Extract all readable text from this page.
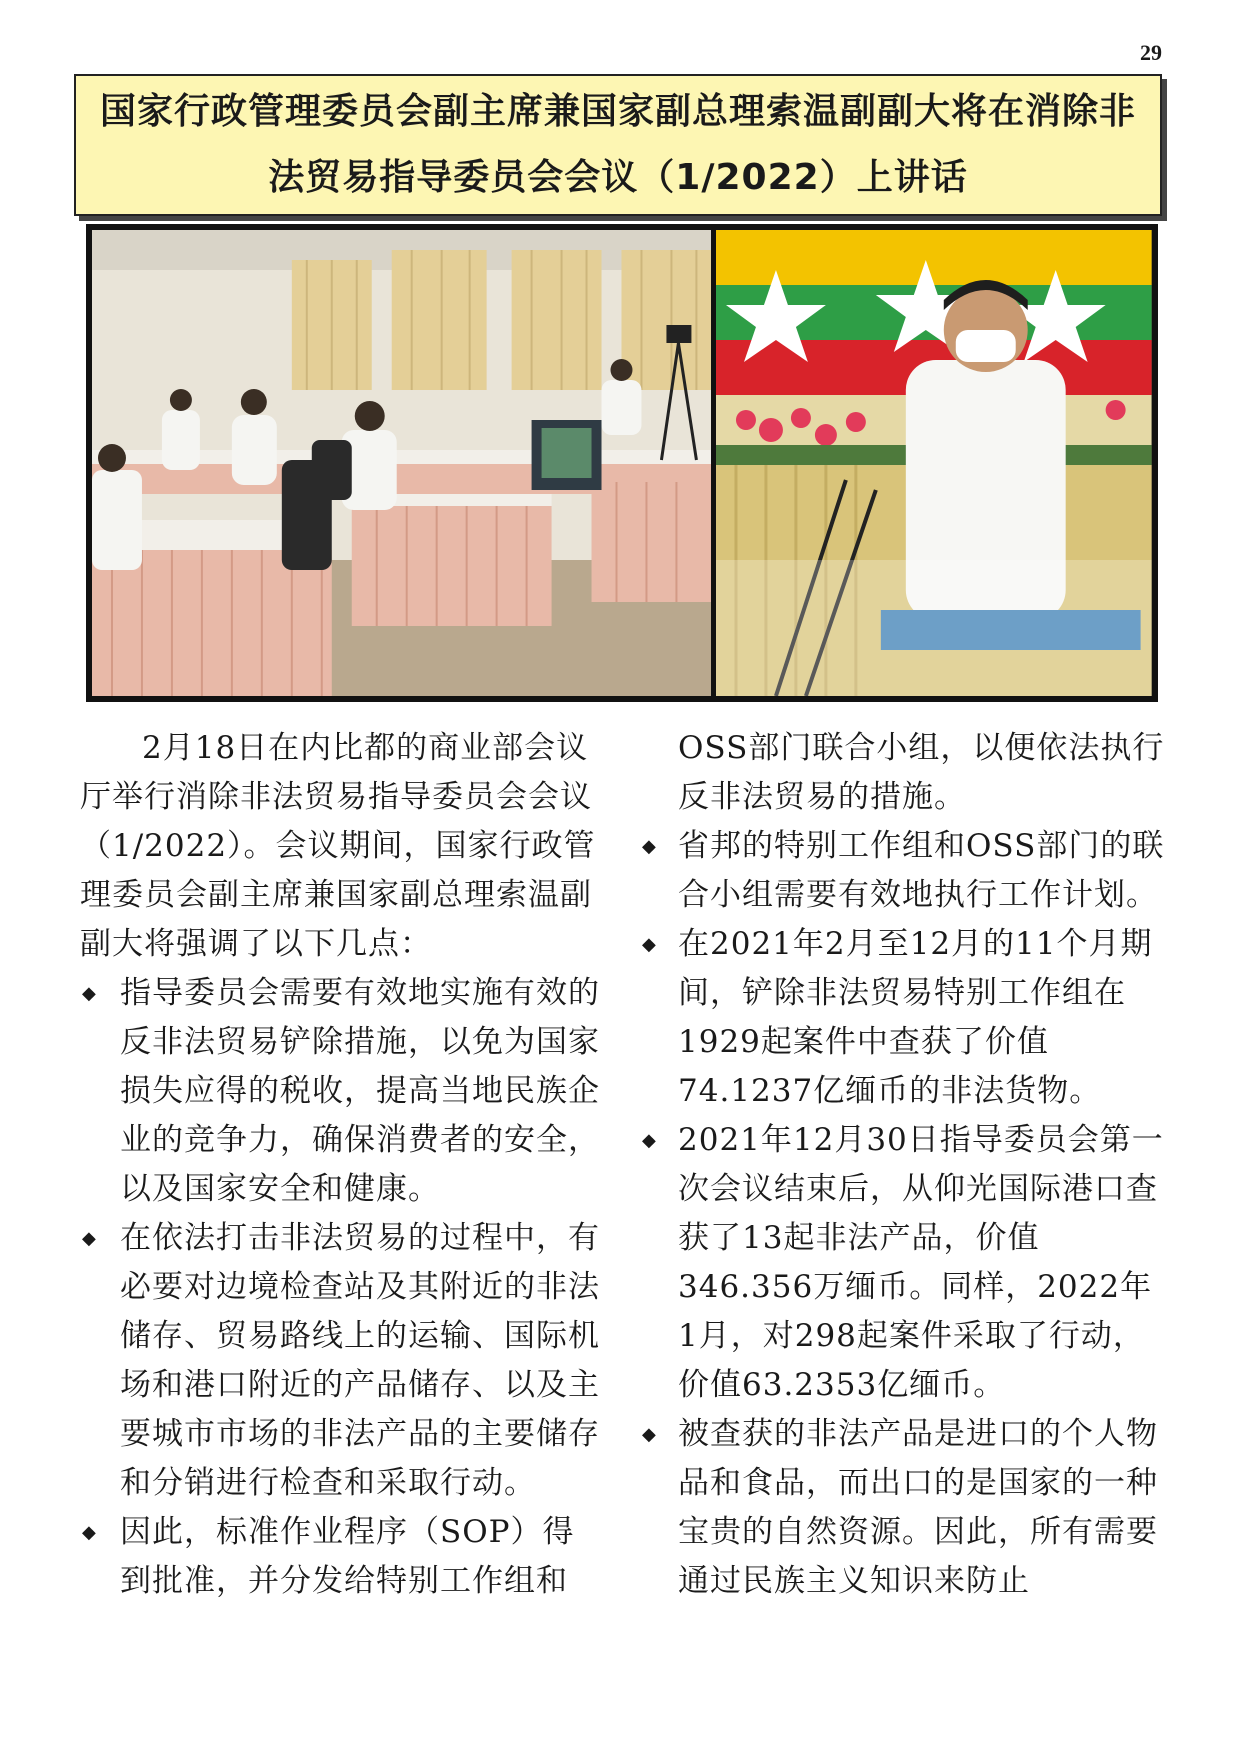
29
国家行政管理委员会副主席兼国家副总理索温副副大将在消除非
法贸易指导委员会会议（1/2022）上讲话

2月18日在内比都的商业部会议厅举行消除非法贸易指导委员会会议（1/2022）。会议期间，国家行政管理委员会副主席兼国家副总理索温副副大将强调了以下几点：

◆ 指导委员会需要有效地实施有效的反非法贸易铲除措施，以免为国家损失应得的税收，提高当地民族企业的竞争力，确保消费者的安全，以及国家安全和健康。

◆ 在依法打击非法贸易的过程中，有必要对边境检查站及其附近的非法储存、贸易路线上的运输、国际机场和港口附近的产品储存、以及主要城市市场的非法产品的主要储存和分销进行检查和采取行动。

◆ 因此，标准作业程序（SOP）得到批准，并分发给特别工作组和

OSS部门联合小组，以便依法执行反非法贸易的措施。

◆ 省邦的特别工作组和OSS部门的联合小组需要有效地执行工作计划。

◆ 在2021年2月至12月的11个月期间，铲除非法贸易特别工作组在1929起案件中查获了价值74.1237亿缅币的非法货物。

◆ 2021年12月30日指导委员会第一次会议结束后，从仰光国际港口查获了13起非法产品，价值346.356万缅币。同样，2022年1月，对298起案件采取了行动，价值63.2353亿缅币。

◆ 被查获的非法产品是进口的个人物品和食品，而出口的是国家的一种宝贵的自然资源。因此，所有需要通过民族主义知识来防止
